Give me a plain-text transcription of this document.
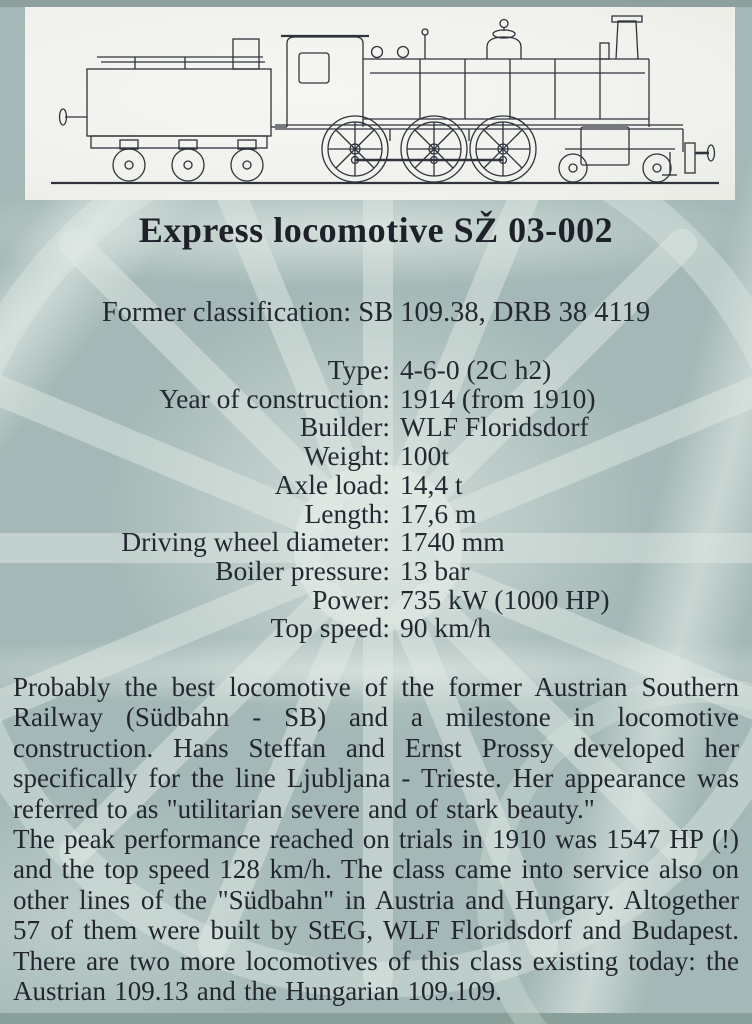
Express locomotive SŽ 03-002
Former classification: SB 109.38, DRB 38 4119
Type: 4-6-0 (2C h2)
Year of construction: 1914 (from 1910)
Builder: WLF Floridsdorf
Weight: 100t
Axle load: 14,4 t
Length: 17,6 m
Driving wheel diameter: 1740 mm
Boiler pressure: 13 bar
Power: 735 kW (1000 HP)
Top speed: 90 km/h

Probably the best locomotive of the former Austrian Southern Railway (Südbahn - SB) and a milestone in locomotive construction. Hans Steffan and Ernst Prossy developed her specifically for the line Ljubljana - Trieste. Her appearance was referred to as "utilitarian severe and of stark beauty."

The peak performance reached on trials in 1910 was 1547 HP (!) and the top speed 128 km/h. The class came into service also on other lines of the "Südbahn" in Austria and Hungary. Altogether 57 of them were built by StEG, WLF Floridsdorf and Budapest. There are two more locomotives of this class existing today: the Austrian 109.13 and the Hungarian 109.109.
